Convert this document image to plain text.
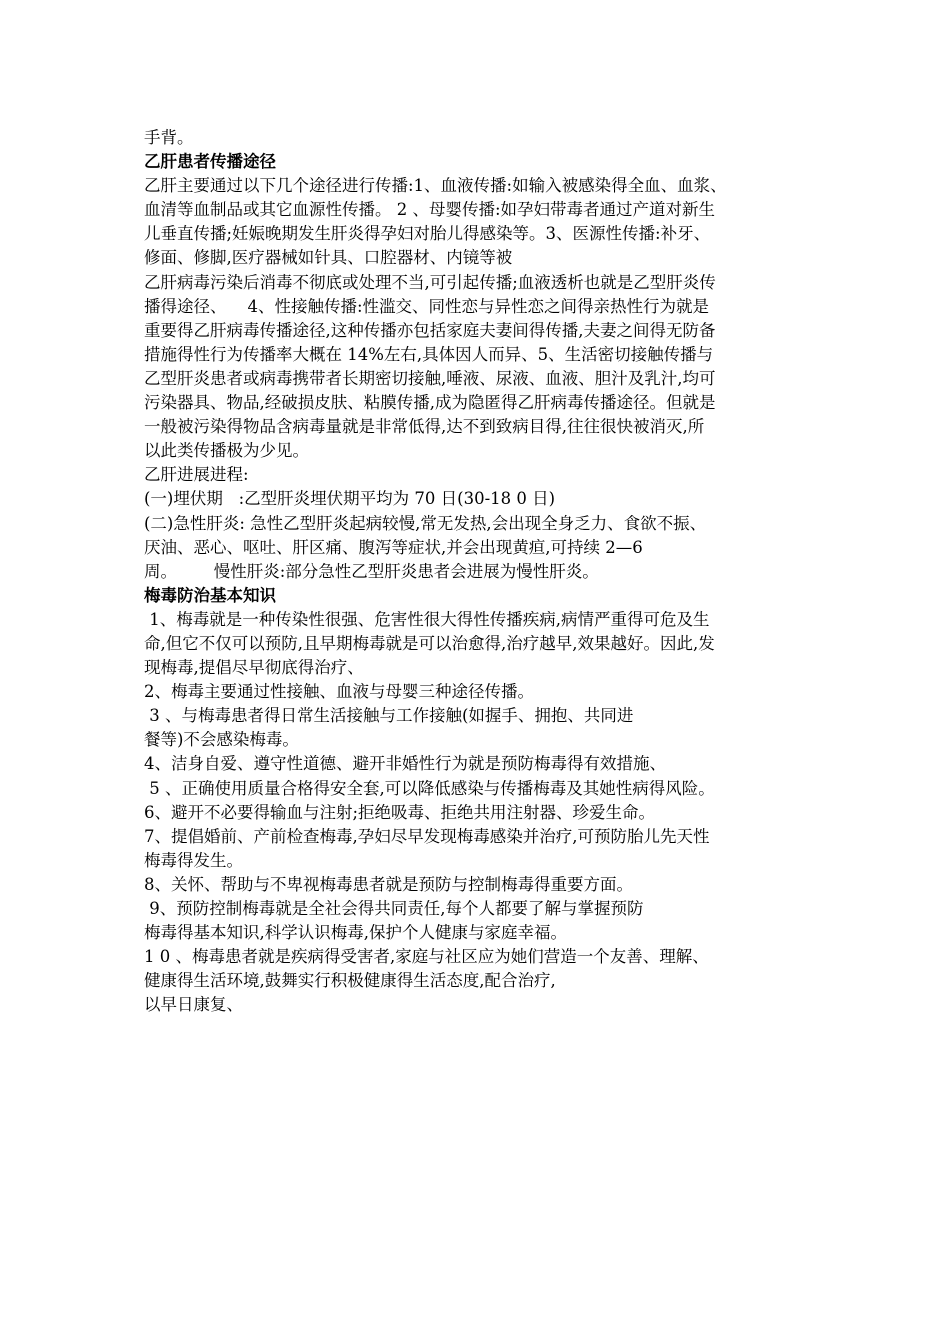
手背。
乙肝患者传播途径
乙肝主要通过以下几个途径进行传播:1、血液传播:如输入被感染得全血、血浆、
血清等血制品或其它血源性传播。 2 、母婴传播:如孕妇带毒者通过产道对新生
儿垂直传播;妊娠晚期发生肝炎得孕妇对胎儿得感染等。3、医源性传播:补牙、
修面、修脚,医疗器械如针具、口腔器材、内镜等被
乙肝病毒污染后消毒不彻底或处理不当,可引起传播;血液透析也就是乙型肝炎传
播得途径、    4、性接触传播:性滥交、同性恋与异性恋之间得亲热性行为就是
重要得乙肝病毒传播途径,这种传播亦包括家庭夫妻间得传播,夫妻之间得无防备
措施得性行为传播率大概在 14%左右,具体因人而异、5、生活密切接触传播与
乙型肝炎患者或病毒携带者长期密切接触,唾液、尿液、血液、胆汁及乳汁,均可
污染器具、物品,经破损皮肤、粘膜传播,成为隐匿得乙肝病毒传播途径。但就是
一般被污染得物品含病毒量就是非常低得,达不到致病目得,往往很快被消灭,所
以此类传播极为少见。
乙肝进展进程:
(一)埋伏期   :乙型肝炎埋伏期平均为 70 日(30-18 0 日)
(二)急性肝炎: 急性乙型肝炎起病较慢,常无发热,会出现全身乏力、食欲不振、
厌油、恶心、呕吐、肝区痛、腹泻等症状,并会出现黄疸,可持续 2—6
周。       慢性肝炎:部分急性乙型肝炎患者会进展为慢性肝炎。
梅毒防治基本知识
1、梅毒就是一种传染性很强、危害性很大得性传播疾病,病情严重得可危及生
命,但它不仅可以预防,且早期梅毒就是可以治愈得,治疗越早,效果越好。因此,发
现梅毒,提倡尽早彻底得治疗、
2、梅毒主要通过性接触、血液与母婴三种途径传播。
3 、与梅毒患者得日常生活接触与工作接触(如握手、拥抱、共同进
餐等)不会感染梅毒。
4、洁身自爱、遵守性道德、避开非婚性行为就是预防梅毒得有效措施、
5 、正确使用质量合格得安全套,可以降低感染与传播梅毒及其她性病得风险。
6、避开不必要得输血与注射;拒绝吸毒、拒绝共用注射器、珍爱生命。
7、提倡婚前、产前检查梅毒,孕妇尽早发现梅毒感染并治疗,可预防胎儿先天性
梅毒得发生。
8、关怀、帮助与不卑视梅毒患者就是预防与控制梅毒得重要方面。
9、预防控制梅毒就是全社会得共同责任,每个人都要了解与掌握预防
梅毒得基本知识,科学认识梅毒,保护个人健康与家庭幸福。
1 0 、梅毒患者就是疾病得受害者,家庭与社区应为她们营造一个友善、理解、
健康得生活环境,鼓舞实行积极健康得生活态度,配合治疗,
以早日康复、
